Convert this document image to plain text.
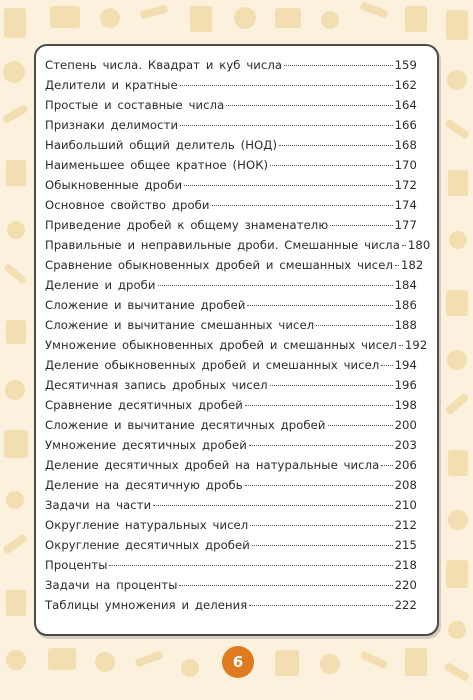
Степень числа. Квадрат и куб числа	159
Делители и кратные	162
Простые и составные числа	164
Признаки делимости	166
Наибольший общий делитель (НОД)	168
Наименьшее общее кратное (НОК)	170
Обыкновенные дроби	172
Основное свойство дроби	174
Приведение дробей к общему знаменателю	177
Правильные и неправильные дроби. Смешанные числа 180
Сравнение обыкновенных дробей и смешанных чисел 182
Деление и дроби	184
Сложение и вычитание дробей	186
Сложение и вычитание смешанных чисел	188
Умножение обыкновенных дробей и смешанных чисел 192
Деление обыкновенных дробей и смешанных чисел 194
Десятичная запись дробных чисел	196
Сравнение десятичных дробей	198
Сложение и вычитание десятичных дробей	200
Умножение десятичных дробей	203
Деление десятичных дробей на натуральные числа 206
Деление на десятичную дробь	208
Задачи на части	210
Округление натуральных чисел	212
Округление десятичных дробей	215
Проценты	218
Задачи на проценты	220
Таблицы умножения и деления	222
6
